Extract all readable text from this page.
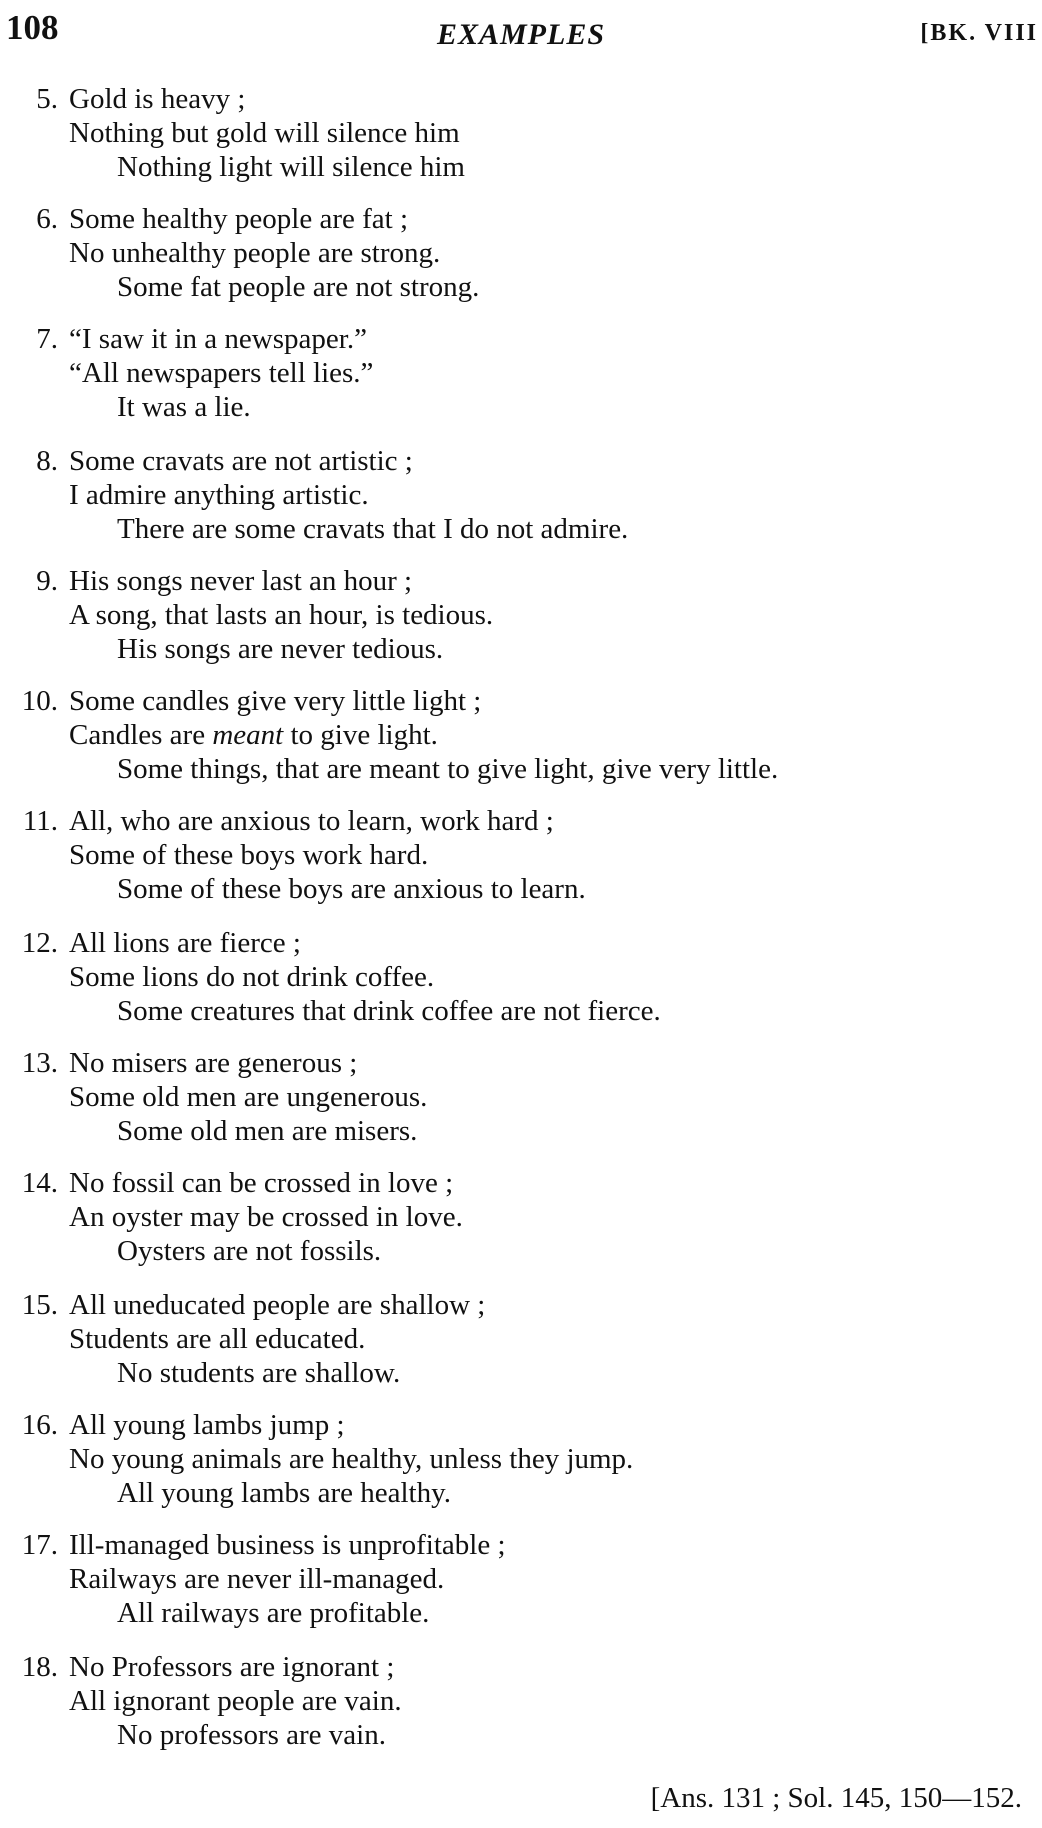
108	EXAMPLES	[BK. VIII
5. Gold is heavy ;
Nothing but gold will silence him
Nothing light will silence him
6. Some healthy people are fat ;
No unhealthy people are strong.
Some fat people are not strong.
7. “I saw it in a newspaper.”
“All newspapers tell lies.”
It was a lie.
8. Some cravats are not artistic ;
I admire anything artistic.
There are some cravats that I do not admire.
9. His songs never last an hour ;
A song, that lasts an hour, is tedious.
His songs are never tedious.
10. Some candles give very little light ;
Candles are meant to give light.
Some things, that are meant to give light, give very little.
11. All, who are anxious to learn, work hard ;
Some of these boys work hard.
Some of these boys are anxious to learn.
12. All lions are fierce ;
Some lions do not drink coffee.
Some creatures that drink coffee are not fierce.
13. No misers are generous ;
Some old men are ungenerous.
Some old men are misers.
14. No fossil can be crossed in love ;
An oyster may be crossed in love.
Oysters are not fossils.
15. All uneducated people are shallow ;
Students are all educated.
No students are shallow.
16. All young lambs jump ;
No young animals are healthy, unless they jump.
All young lambs are healthy.
17. Ill-managed business is unprofitable ;
Railways are never ill-managed.
All railways are profitable.
18. No Professors are ignorant ;
All ignorant people are vain.
No professors are vain.
[Ans. 131 ; Sol. 145, 150—152.
